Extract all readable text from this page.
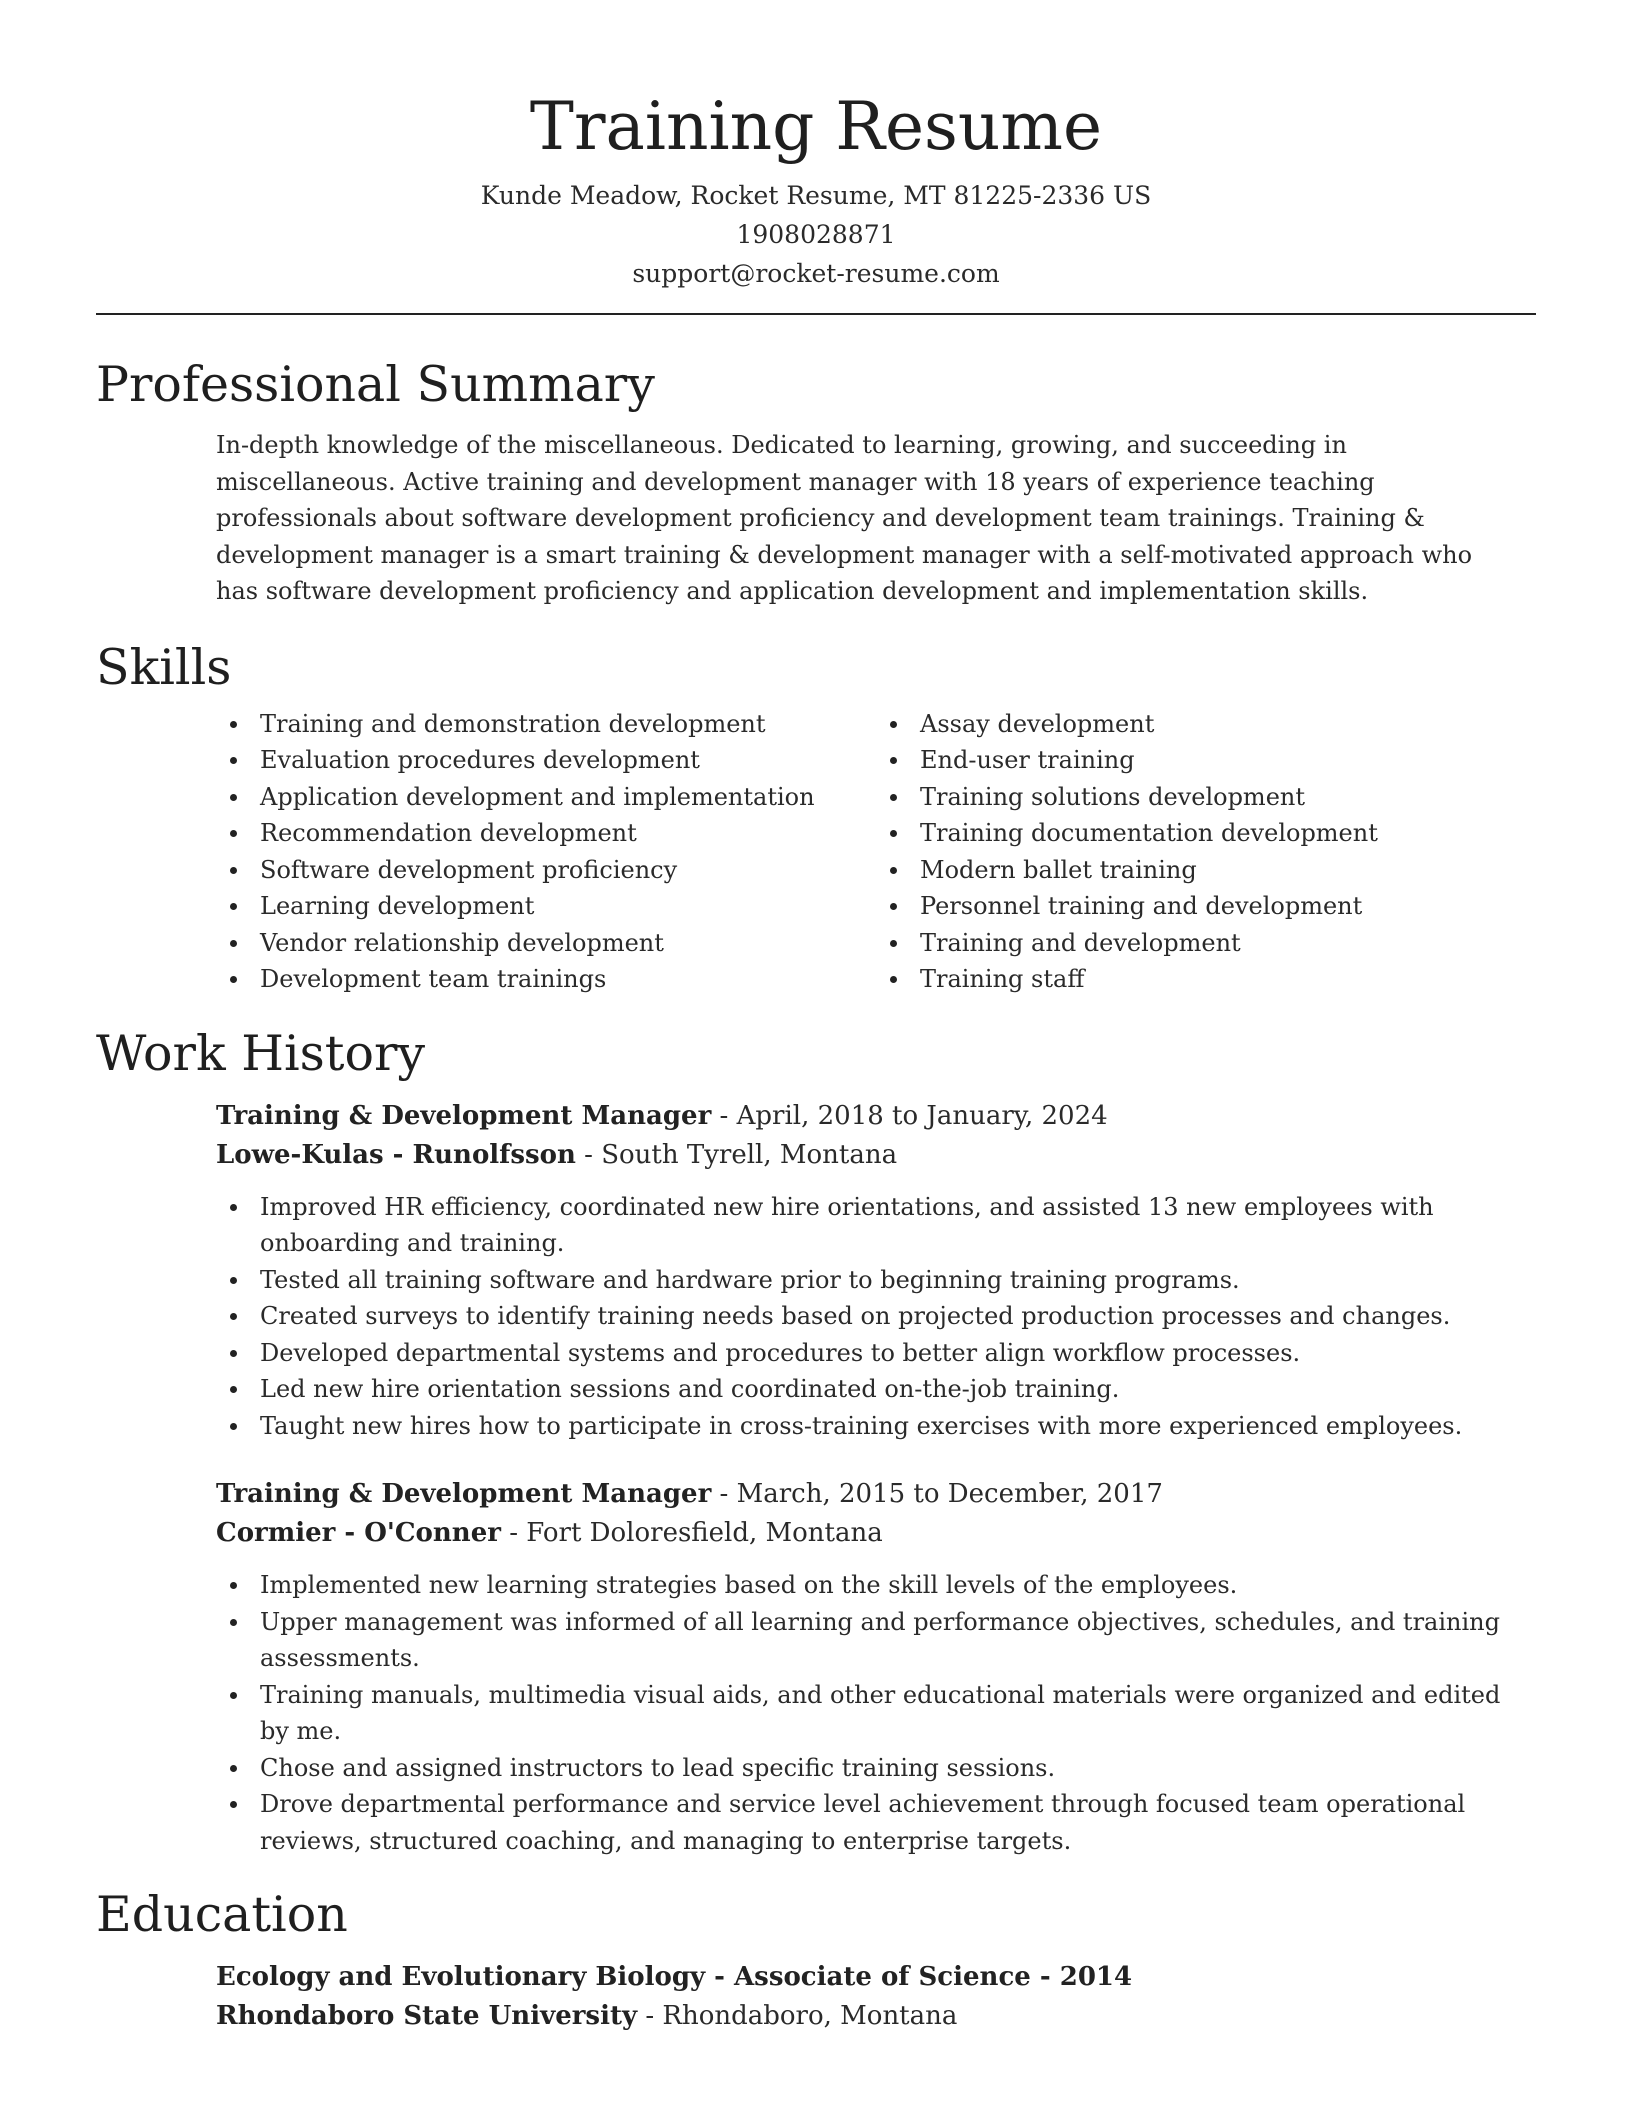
Training Resume
Kunde Meadow, Rocket Resume, MT 81225-2336 US
1908028871
support@rocket-resume.com
Professional Summary
In-depth knowledge of the miscellaneous. Dedicated to learning, growing, and succeeding in miscellaneous. Active training and development manager with 18 years of experience teaching professionals about software development proficiency and development team trainings. Training & development manager is a smart training & development manager with a self-motivated approach who has software development proficiency and application development and implementation skills.
Skills
Training and demonstration development
Evaluation procedures development
Application development and implementation
Recommendation development
Software development proficiency
Learning development
Vendor relationship development
Development team trainings
Assay development
End-user training
Training solutions development
Training documentation development
Modern ballet training
Personnel training and development
Training and development
Training staff
Work History
Training & Development Manager - April, 2018 to January, 2024
Lowe-Kulas - Runolfsson - South Tyrell, Montana
Improved HR efficiency, coordinated new hire orientations, and assisted 13 new employees with onboarding and training.
Tested all training software and hardware prior to beginning training programs.
Created surveys to identify training needs based on projected production processes and changes.
Developed departmental systems and procedures to better align workflow processes.
Led new hire orientation sessions and coordinated on-the-job training.
Taught new hires how to participate in cross-training exercises with more experienced employees.
Training & Development Manager - March, 2015 to December, 2017
Cormier - O'Conner - Fort Doloresfield, Montana
Implemented new learning strategies based on the skill levels of the employees.
Upper management was informed of all learning and performance objectives, schedules, and training assessments.
Training manuals, multimedia visual aids, and other educational materials were organized and edited by me.
Chose and assigned instructors to lead specific training sessions.
Drove departmental performance and service level achievement through focused team operational reviews, structured coaching, and managing to enterprise targets.
Education
Ecology and Evolutionary Biology - Associate of Science - 2014
Rhondaboro State University - Rhondaboro, Montana
